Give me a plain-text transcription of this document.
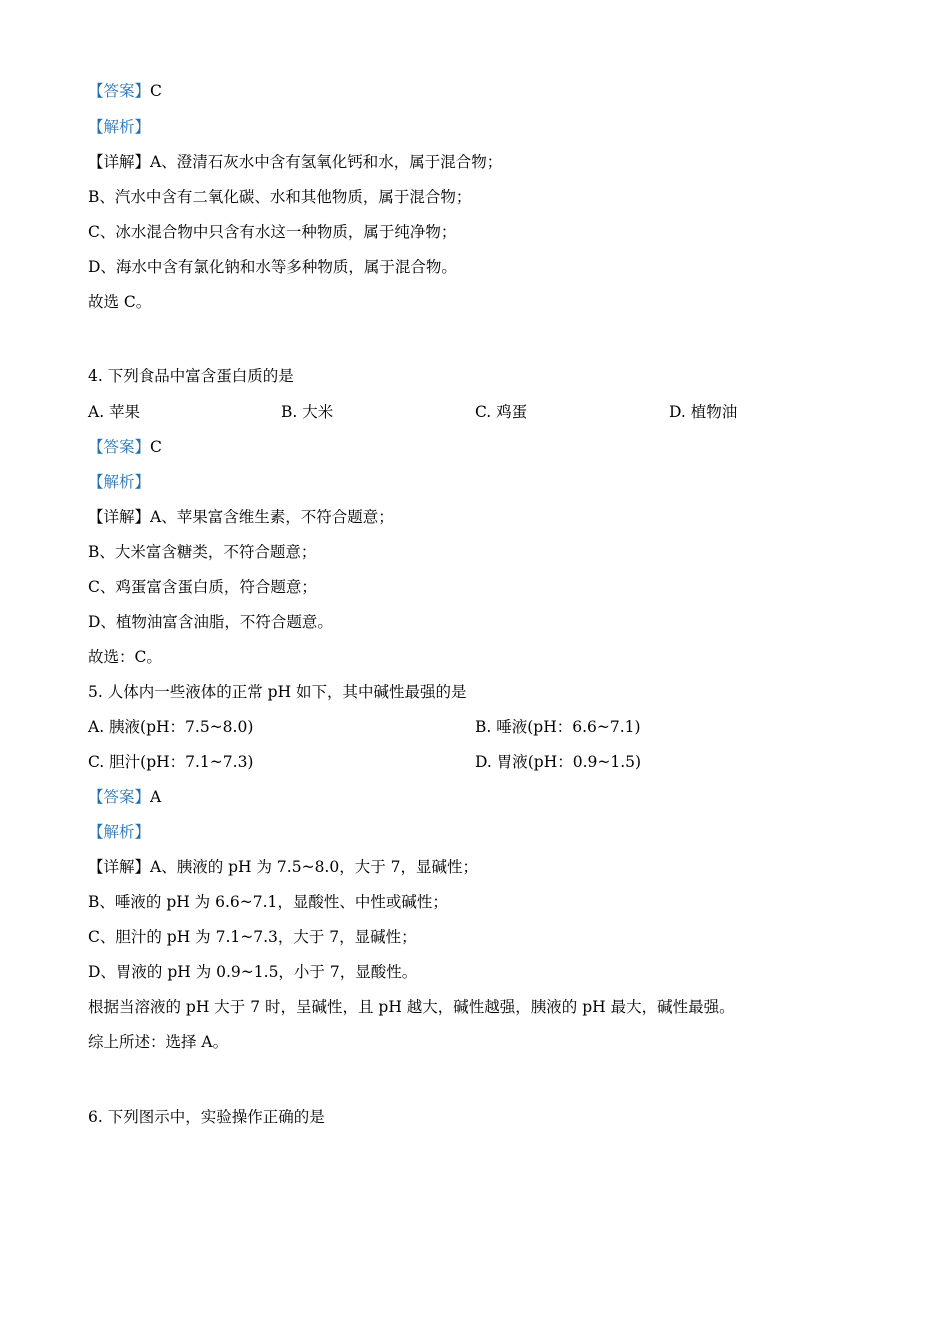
【答案】C
【解析】
【详解】A、澄清石灰水中含有氢氧化钙和水，属于混合物；
B、汽水中含有二氧化碳、水和其他物质，属于混合物；
C、冰水混合物中只含有水这一种物质，属于纯净物；
D、海水中含有氯化钠和水等多种物质，属于混合物。
故选 C。
4. 下列食品中富含蛋白质的是
A. 苹果	B. 大米	C. 鸡蛋	D. 植物油
【答案】C
【解析】
【详解】A、苹果富含维生素，不符合题意；
B、大米富含糖类，不符合题意；
C、鸡蛋富含蛋白质，符合题意；
D、植物油富含油脂，不符合题意。
故选：C。
5. 人体内一些液体的正常 pH 如下，其中碱性最强的是
A. 胰液(pH：7.5~8.0)	B. 唾液(pH：6.6~7.1)
C. 胆汁(pH：7.1~7.3)	D. 胃液(pH：0.9~1.5)
【答案】A
【解析】
【详解】A、胰液的 pH 为 7.5~8.0，大于 7，显碱性；
B、唾液的 pH 为 6.6~7.1，显酸性、中性或碱性；
C、胆汁的 pH 为 7.1~7.3，大于 7，显碱性；
D、胃液的 pH 为 0.9~1.5，小于 7，显酸性。
根据当溶液的 pH 大于 7 时，呈碱性，且 pH 越大，碱性越强，胰液的 pH 最大，碱性最强。
综上所述：选择 A。
6. 下列图示中，实验操作正确的是
